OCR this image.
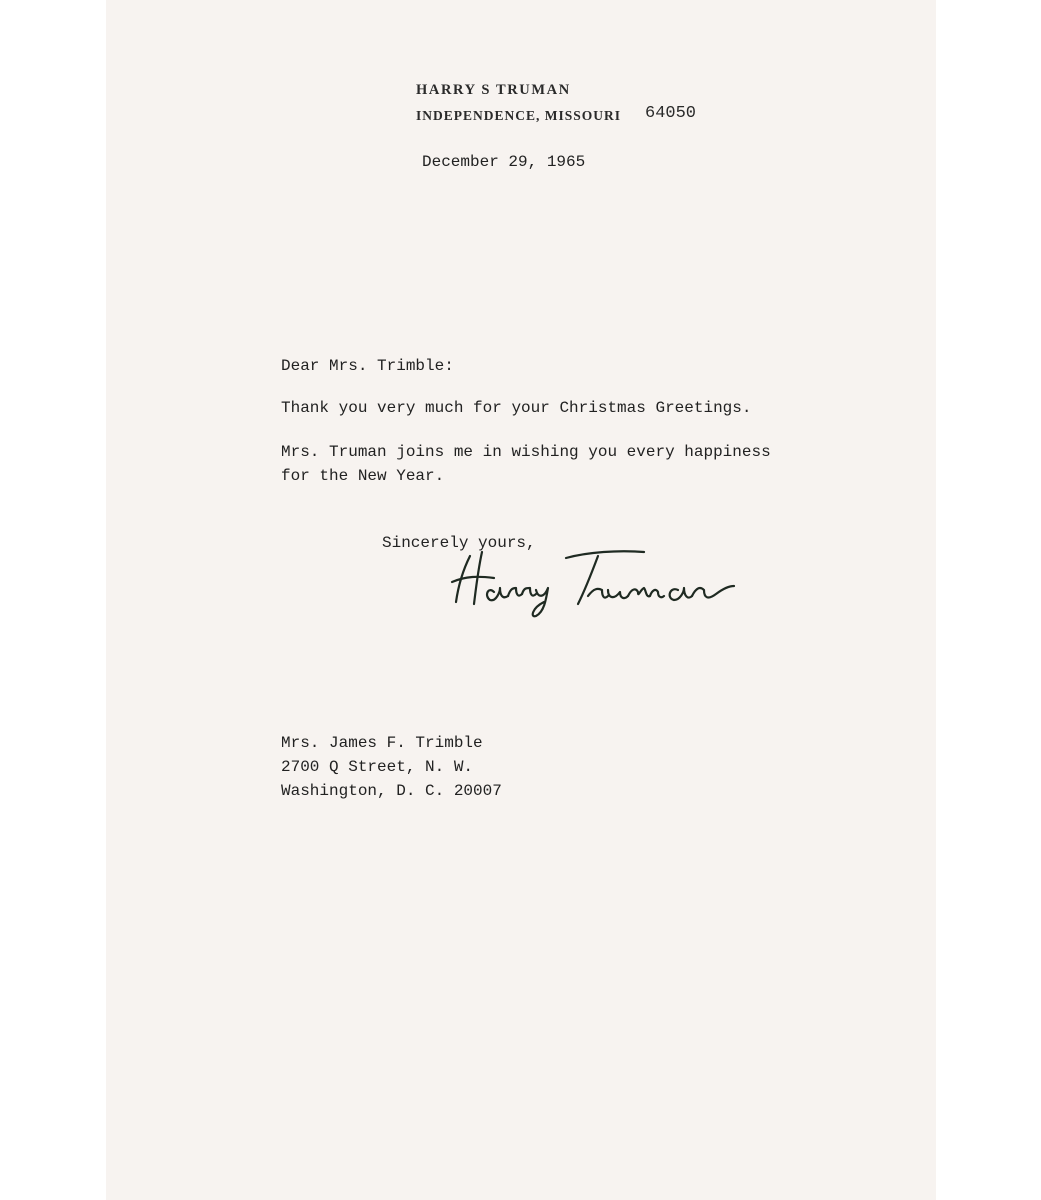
HARRY S TRUMAN
INDEPENDENCE, MISSOURI 64050
December 29, 1965
Dear Mrs. Trimble:
Thank you very much for your Christmas Greetings.
Mrs. Truman joins me in wishing you every happiness
for the New Year.
Sincerely yours,
Mrs. James F. Trimble
2700 Q Street, N. W.
Washington, D. C. 20007
